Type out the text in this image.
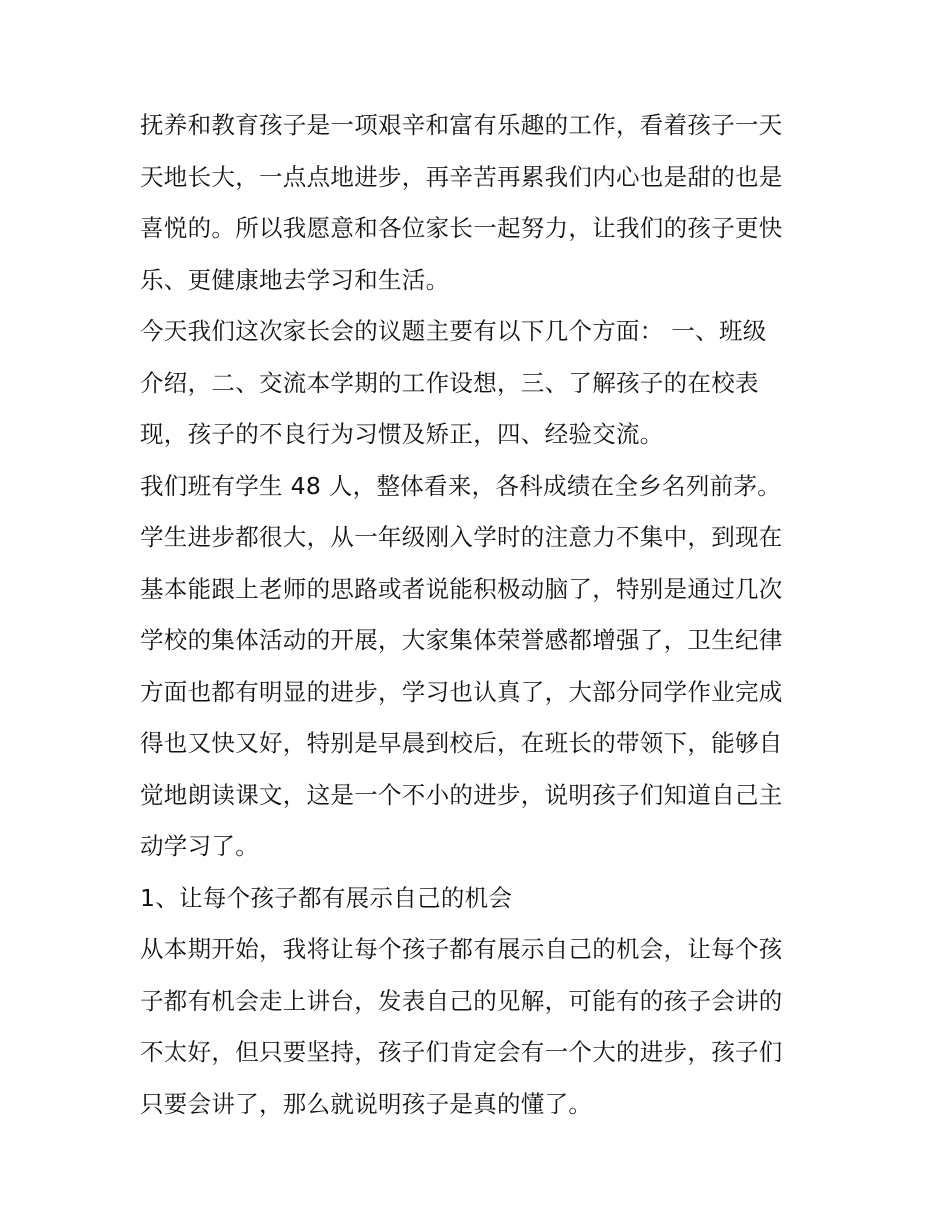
抚养和教育孩子是一项艰辛和富有乐趣的工作，看着孩子一天
天地长大，一点点地进步，再辛苦再累我们内心也是甜的也是
喜悦的。所以我愿意和各位家长一起努力，让我们的孩子更快
乐、更健康地去学习和生活。
今天我们这次家长会的议题主要有以下几个方面： 一、班级
介绍，二、交流本学期的工作设想，三、了解孩子的在校表
现，孩子的不良行为习惯及矫正，四、经验交流。
我们班有学生 48 人，整体看来，各科成绩在全乡名列前茅。
学生进步都很大，从一年级刚入学时的注意力不集中，到现在
基本能跟上老师的思路或者说能积极动脑了，特别是通过几次
学校的集体活动的开展，大家集体荣誉感都增强了，卫生纪律
方面也都有明显的进步，学习也认真了，大部分同学作业完成
得也又快又好，特别是早晨到校后，在班长的带领下，能够自
觉地朗读课文，这是一个不小的进步，说明孩子们知道自己主
动学习了。
1、让每个孩子都有展示自己的机会
从本期开始，我将让每个孩子都有展示自己的机会，让每个孩
子都有机会走上讲台，发表自己的见解，可能有的孩子会讲的
不太好，但只要坚持，孩子们肯定会有一个大的进步，孩子们
只要会讲了，那么就说明孩子是真的懂了。
